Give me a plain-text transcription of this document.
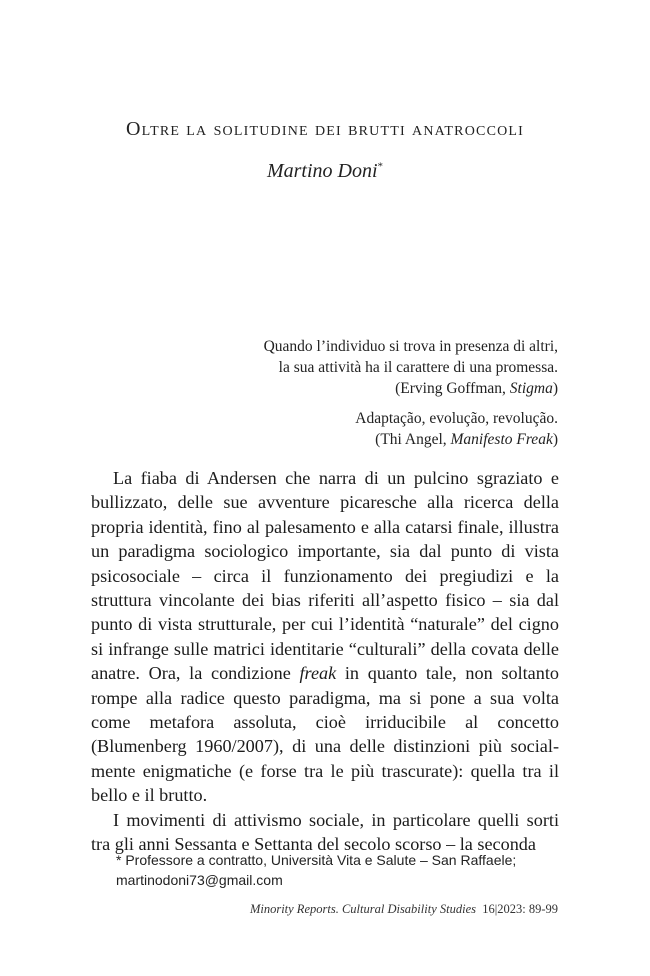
Oltre la solitudine dei brutti anatroccoli
Martino Doni*
Quando l’individuo si trova in presenza di altri,
la sua attività ha il carattere di una promessa.
(Erving Goffman, Stigma)
Adaptação, evolução, revolução.
(Thi Angel, Manifesto Freak)

La fiaba di Andersen che narra di un pulcino sgraziato e bullizzato, delle sue avventure picaresche alla ricerca della propria identità, fino al palesamento e alla catarsi finale, illustra un paradigma sociologico importante, sia dal punto di vista psicosociale – circa il funzionamento dei pregiudizi e la struttura vincolante dei bias riferiti all’aspetto fisico – sia dal punto di vista strutturale, per cui l’identità “naturale” del cigno si infrange sulle matrici identitarie “culturali” della covata delle anatre. Ora, la condizione freak in quanto tale, non soltanto rompe alla radice questo paradigma, ma si pone a sua volta come metafora assoluta, cioè irriducibile al concetto (Blumenberg 1960/2007), di una delle distinzioni più socialmente enigmatiche (e forse tra le più trascurate): quella tra il bello e il brutto.

I movimenti di attivismo sociale, in particolare quelli sorti tra gli anni Sessanta e Settanta del secolo scorso – la seconda

* Professore a contratto, Università Vita e Salute – San Raffaele;
martinodoni73@gmail.com
Minority Reports. Cultural Disability Studies 16|2023: 89-99
